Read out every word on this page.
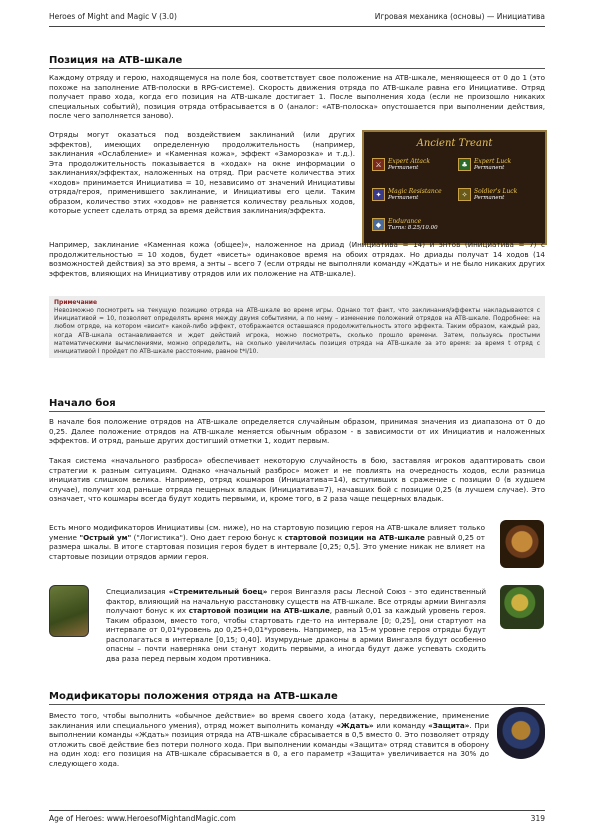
Heroes of Might and Magic V (3.0)	Игровая механика (основы) — Инициатива
Позиция на ATB-шкале

Каждому отряду и герою, находящемуся на поле боя, соответствует свое положение на ATB-шкале, меняющееся от 0 до 1 (это похоже на заполнение ATB-полоски в RPG-системе). Скорость движения отряда по ATB-шкале равна его Инициативе. Отряд получает право хода, когда его позиция на ATB-шкале достигает 1. После выполнения хода (если не произошло никаких специальных событий), позиция отряда отбрасывается в 0 (аналог: «ATB-полоска» опустошается при выполнении действия, после чего заполняется заново).

Отряды могут оказаться под воздействием заклинаний (или других эффектов), имеющих определенную продолжительность (например, заклинания «Ослабление» и «Каменная кожа», эффект «Заморозка» и т.д.). Эта продолжительность показывается в «ходах» на окне информации о заклинаниях/эффектах, наложенных на отряд. При расчете количества этих «ходов» принимается Инициатива = 10, независимо от значений Инициативы отряда/героя, применившего заклинание, и Инициативы его цели. Таким образом, количество этих «ходов» не равняется количеству реальных ходов, которые успеет сделать отряд за время действия заклинания/эффекта.

Ancient Treant
⚔	Expert Attack
Permanent	♣	Expert Luck
Permanent
✦	Magic Resistance
Permanent	✧	Soldier's Luck
Permanent
◆	Endurance
Turns: 8.25/10.00

Например, заклинание «Каменная кожа (общее)», наложенное на дриад (Инициатива = 14) и энтов (Инициатива = 7) с продолжительностью = 10 ходов, будет «висеть» одинаковое время на обоих отрядах. Но дриады получат 14 ходов (14 возможностей действия) за это время, а энты – всего 7 (если отряды не выполняли команду «Ждать» и не было никаких других эффектов, влияющих на Инициативу отрядов или их положение на ATB-шкале).

Примечание
Невозможно посмотреть на текущую позицию отряда на ATB-шкале во время игры. Однако тот факт, что заклинания/эффекты накладываются с Инициативой = 10, позволяет определять время между двумя событиями, а по нему – изменение положений отрядов на ATB-шкале. Подробнее: на любом отряде, на котором «висит» какой-либо эффект, отображается оставшаяся продолжительность этого эффекта. Таким образом, каждый раз, когда ATB-шкала останавливается и ждет действий игрока, можно посмотреть, сколько прошло времени. Затем, пользуясь простыми математическими вычислениями, можно определить, на сколько увеличилась позиция отряда на ATB-шкале за это время: за время t отряд с инициативой I пройдет по ATB-шкале расстояние, равное t*I/10.
Начало боя

В начале боя положение отрядов на ATB-шкале определяется случайным образом, принимая значения из диапазона от 0 до 0,25. Далее положение отрядов на ATB-шкале меняется обычным образом - в зависимости от их Инициатив и наложенных эффектов. И отряд, раньше других достигший отметки 1, ходит первым.

Такая система «начального разброса» обеспечивает некоторую случайность в бою, заставляя игроков адаптировать свои стратегии к разным ситуациям. Однако «начальный разброс» может и не повлиять на очередность ходов, если разница инициатив слишком велика. Например, отряд кошмаров (Инициатива=14), вступивших в сражение с позиции 0 (в худшем случае), получит ход раньше отряда пещерных владык (Инициатива=7), начавших бой с позиции 0,25 (в лучшем случае). Это означает, что кошмары всегда будут ходить первыми, и, кроме того, в 2 раза чаще пещерных владык.

Есть много модификаторов Инициативы (см. ниже), но на стартовую позицию героя на ATB-шкале влияет только умение "Острый ум" ("Логистика"). Оно дает герою бонус к стартовой позиции на ATB-шкале равный 0,25 от размера шкалы. В итоге стартовая позиция героя будет в интервале [0,25; 0,5]. Это умение никак не влияет на стартовые позиции отрядов армии героя.

Специализация «Стремительный боец» героя Вингаэля расы Лесной Союз - это единственный фактор, влияющий на начальную расстановку существ на ATB-шкале. Все отряды армии Вингаэля получают бонус к их стартовой позиции на ATB-шкале, равный 0,01 за каждый уровень героя. Таким образом, вместо того, чтобы стартовать где-то на интервале [0; 0,25], они стартуют на интервале от 0,01*уровень до 0,25+0,01*уровень. Например, на 15-м уровне героя отряды будут располагаться в интервале [0,15; 0,40]. Изумрудные драконы в армии Вингаэля будут особенно опасны – почти наверняка они станут ходить первыми, а иногда будут даже успевать сходить два раза перед первым ходом противника.

Модификаторы положения отряда на ATB-шкале

Вместо того, чтобы выполнить «обычное действие» во время своего хода (атаку, передвижение, применение заклинания или специального умения), отряд может выполнить команду «Ждать» или команду «Защита». При выполнении команды «Ждать» позиция отряда на ATB-шкале сбрасывается в 0,5 вместо 0. Это позволяет отряду отложить своё действие без потери полного хода. При выполнении команды «Защита» отряд ставится в оборону на один ход: его позиция на ATB-шкале сбрасывается в 0, а его параметр «Защита» увеличивается на 30% до следующего хода.

Age of Heroes: www.HeroesofMightandMagic.com	319
